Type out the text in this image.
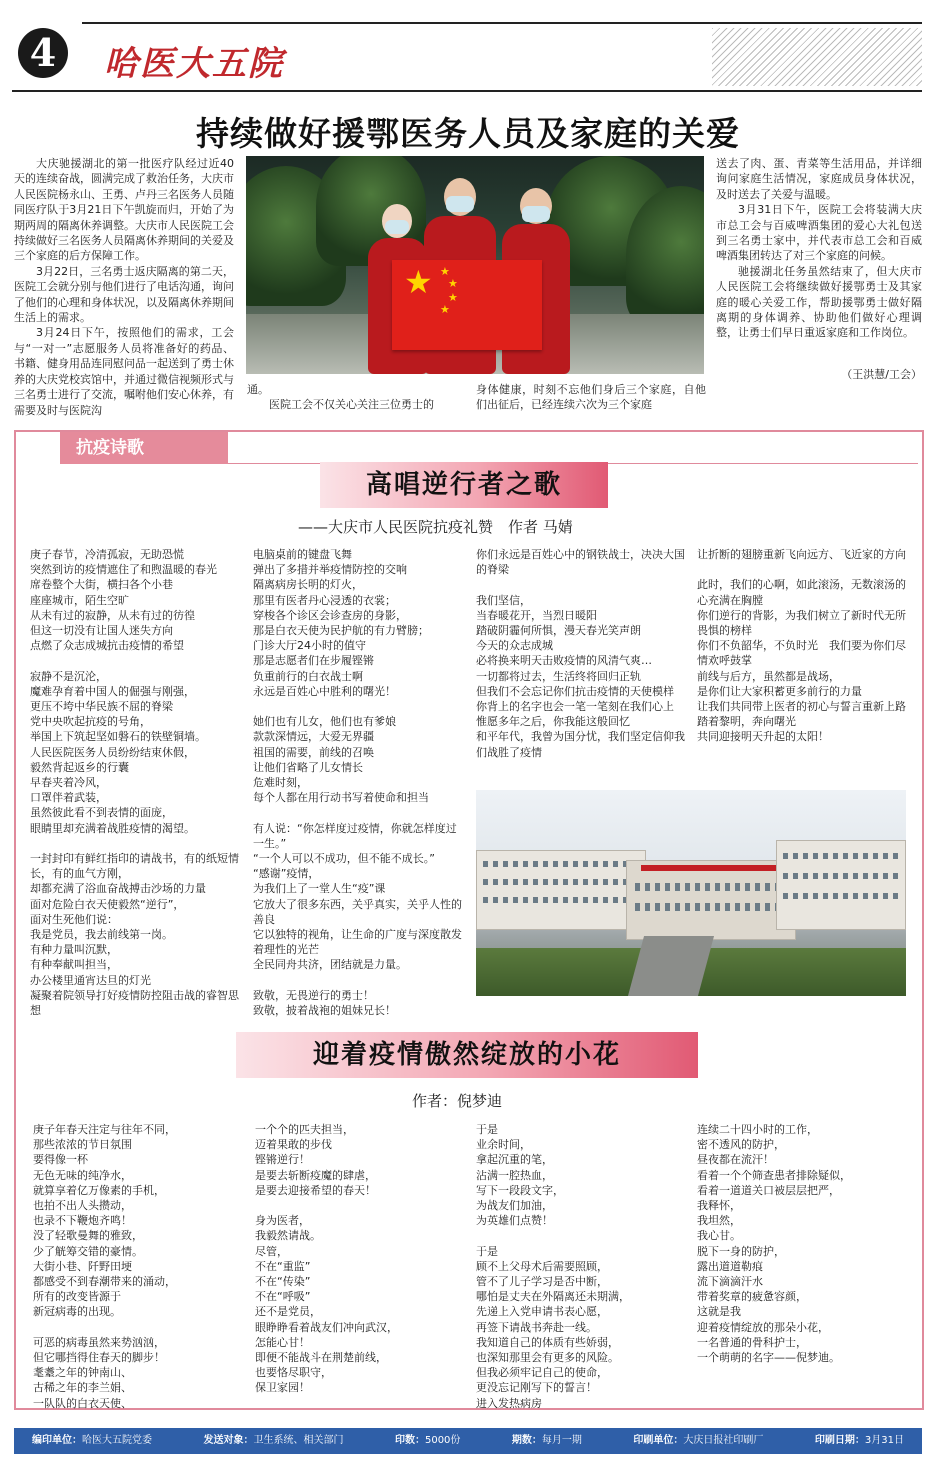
4	哈医大五院
持续做好援鄂医务人员及家庭的关爱

大庆驰援湖北的第一批医疗队经过近40天的连续奋战，圆满完成了救治任务，大庆市人民医院杨永山、王勇、卢丹三名医务人员随同医疗队于3月21日下午凯旋而归，开始了为期两周的隔离休养调整。大庆市人民医院工会持续做好三名医务人员隔离休养期间的关爱及三个家庭的后方保障工作。

3月22日，三名勇士返庆隔离的第二天，医院工会就分别与他们进行了电话沟通，询问了他们的心理和身体状况，以及隔离休养期间生活上的需求。

3月24日下午，按照他们的需求，工会与“一对一”志愿服务人员将准备好的药品、书籍、健身用品连同慰问品一起送到了勇士休养的大庆党校宾馆中，并通过微信视频形式与三名勇士进行了交流，嘱咐他们安心休养，有需要及时与医院沟

★ ★
★
★
★
通。
医院工会不仅关心关注三位勇士的
身体健康，时刻不忘他们身后三个家庭，自他们出征后，已经连续六次为三个家庭
送去了肉、蛋、青菜等生活用品，并详细询问家庭生活情况，家庭成员身体状况，及时送去了关爱与温暖。

3月31日下午，医院工会将装满大庆市总工会与百威啤酒集团的爱心大礼包送到三名勇士家中，并代表市总工会和百威啤酒集团转达了对三个家庭的问候。

驰援湖北任务虽然结束了，但大庆市人民医院工会将继续做好援鄂勇士及其家庭的暖心关爱工作，帮助援鄂勇士做好隔离期的身体调养、协助他们做好心理调整，让勇士们早日重返家庭和工作岗位。

（王洪慧/工会）
抗疫诗歌
高唱逆行者之歌
——大庆市人民医院抗疫礼赞　作者 马婧
庚子春节，冷清孤寂，无助恐慌
突然到访的疫情遮住了和煦温暖的春光
席卷整个大街，横扫各个小巷
座座城市，陌生空旷
从未有过的寂静，从未有过的彷徨
但这一切没有让国人迷失方向
点燃了众志成城抗击疫情的希望

寂静不是沉沦，
魔难孕育着中国人的倔强与刚强，
更压不垮中华民族不屈的脊梁
党中央吹起抗疫的号角，
举国上下筑起坚如磐石的铁壁铜墙。
人民医院医务人员纷纷结束休假，
毅然背起返乡的行囊
早春夹着冷风，
口罩伴着武装，
虽然彼此看不到表情的面庞，
眼睛里却充满着战胜疫情的渴望。

一封封印有鲜红指印的请战书，有的纸短情长，有的血气方刚，
却都充满了浴血奋战搏击沙场的力量
面对危险白衣天使毅然“逆行”，
面对生死他们说：
我是党员，我去前线第一岗。
有种力量叫沉默，
有种奉献叫担当，
办公楼里通宵达旦的灯光
凝聚着院领导打好疫情防控阻击战的睿智思想
电脑桌前的键盘飞舞
弹出了多措并举疫情防控的交响
隔离病房长明的灯火，
那里有医者丹心浸透的衣裳；
穿梭各个诊区会诊查房的身影，
那是白衣天使为民护航的有力臂膀；
门诊大厅24小时的值守
那是志愿者们在步履铿锵
负重前行的白衣战士啊
永远是百姓心中胜利的曙光！

她们也有儿女，他们也有爹娘
款款深情远，大爱无界疆
祖国的需要，前线的召唤
让他们省略了儿女情长
危难时刻，
每个人都在用行动书写着使命和担当

有人说：“你怎样度过疫情，你就怎样度过一生。”
“一个人可以不成功，但不能不成长。”
“感谢”疫情，
为我们上了一堂人生“疫”课
它放大了很多东西，关乎真实，关乎人性的善良
它以独特的视角，让生命的广度与深度散发着理性的光芒
全民同舟共济，团结就是力量。

致敬，无畏逆行的勇士！
致敬，披着战袍的姐妹兄长！
你们永远是百姓心中的钢铁战士，决决大国的脊梁

我们坚信，
当春暖花开，当烈日暖阳
踏破阴霾何所惧，漫天春光笑声朗
今天的众志成城
必将换来明天击败疫情的风清气爽…
一切都将过去，生活终将回归正轨
但我们不会忘记你们抗击疫情的天使模样
你背上的名字也会一笔一笔刻在我们心上
惟愿多年之后，你我能这般回忆
和平年代，我曾为国分忧，我们坚定信仰我们战胜了疫情
让折断的翅膀重新飞向远方、飞近家的方向

此时，我们的心啊，如此滚汤，无数滚汤的心充满在胸膛
你们逆行的背影，为我们树立了新时代无所畏惧的榜样
你们不负韶华，不负时光　我们要为你们尽情欢呼鼓掌
前线与后方，虽然都是战场，
是你们让大家积蓄更多前行的力量
让我们共同带上医者的初心与誓言重新上路
踏着黎明，奔向曙光
共同迎接明天升起的太阳！
迎着疫情傲然绽放的小花
作者：倪梦迪
庚子年春天注定与往年不同，
那些浓浓的节日氛围
要得像一杯
无色无味的纯净水，
就算享着亿万像素的手机，
也拍不出人头攒动，
也录不下鞭炮齐鸣！
没了轻歌曼舞的雅致，
少了觥筹交错的豪情。
大街小巷、阡野田埂
都感受不到春潮带来的涌动，
所有的改变皆源于
新冠病毒的出现。

可恶的病毒虽然来势汹汹，
但它哪挡得住春天的脚步！
耄耋之年的钟南山、
古稀之年的李兰娟、
一队队的白衣天使、
一个个的匹夫担当，
迈着果敢的步伐
铿锵逆行！
是要去斩断疫魔的肆虐，
是要去迎接希望的春天！

身为医者，
我毅然请战。
尽管，
不在“重监”
不在“传染”
不在“呼吸”
还不是党员，
眼睁睁看着战友们冲向武汉，
怎能心甘！
即便不能战斗在荆楚前线，
也要恪尽职守，
保卫家园！
于是
业余时间，
拿起沉重的笔，
沾满一腔热血，
写下一段段文字，
为战友们加油，
为英雄们点赞！

于是
顾不上父母术后需要照顾，
管不了儿子学习是否中断，
哪怕是丈夫在外隔离还未期满，
先递上入党申请书表心愿，
再签下请战书奔赴一线。
我知道自己的体质有些娇弱，
也深知那里会有更多的风险。
但我必须牢记自己的使命，
更没忘记刚写下的誓言！
进入发热病房
连续二十四小时的工作，
密不透风的防护，
昼夜都在流汗！
看着一个个筛查患者排除疑似，
看着一道道关口被层层把严，
我释怀，
我坦然，
我心甘。
脱下一身的防护，
露出道道勒痕
流下滴滴汗水
带着奖章的疲惫容颜，
这就是我
迎着疫情绽放的那朵小花，
一名普通的骨科护士，
一个萌萌的名字——倪梦迪。
编印单位：哈医大五院党委	发送对象：卫生系统、相关部门	印数：5000份	期数：每月一期	印刷单位：大庆日报社印刷厂	印刷日期：3月31日
